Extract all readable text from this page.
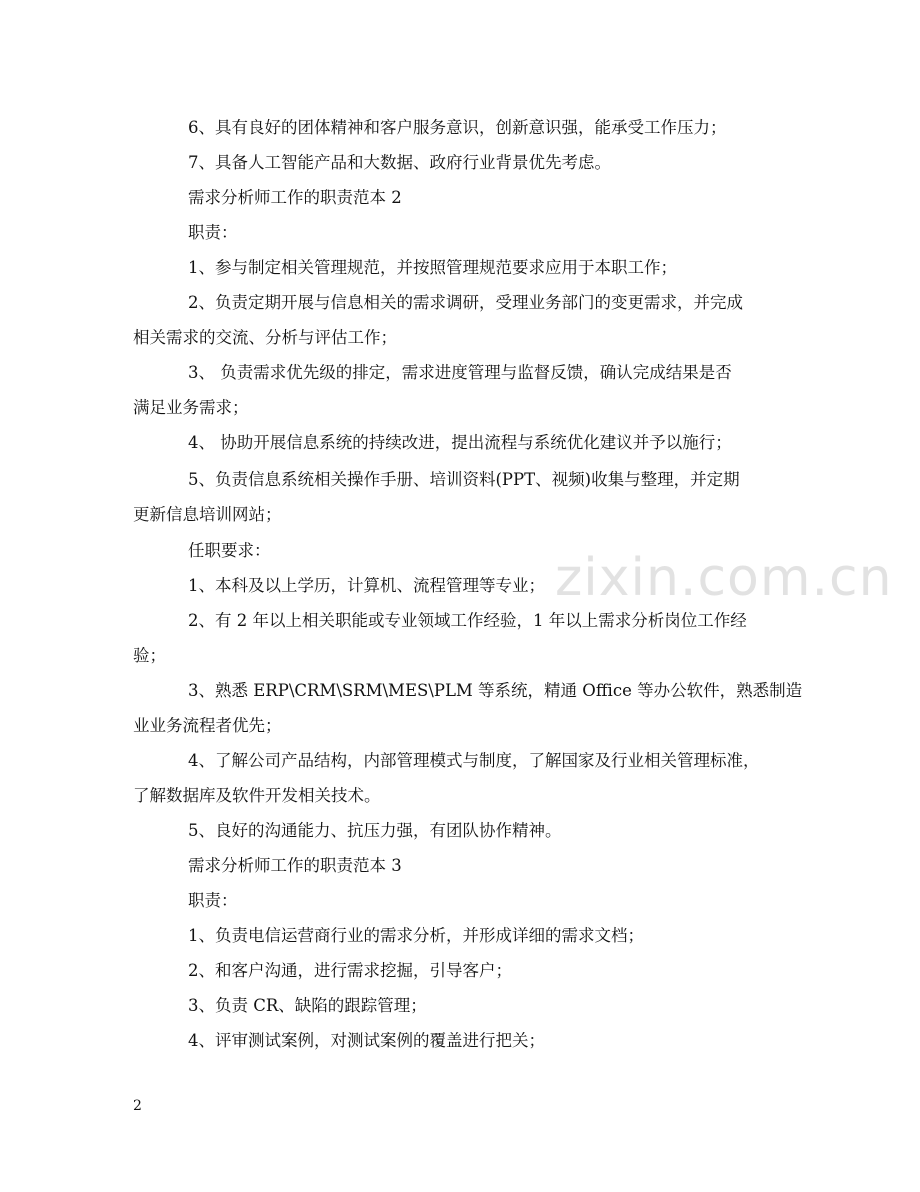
zixin.com.cn
6、具有良好的团体精神和客户服务意识，创新意识强，能承受工作压力；
7、具备人工智能产品和大数据、政府行业背景优先考虑。
需求分析师工作的职责范本 2
职责：
1、参与制定相关管理规范，并按照管理规范要求应用于本职工作；
2、负责定期开展与信息相关的需求调研，受理业务部门的变更需求，并完成
相关需求的交流、分析与评估工作；
3、 负责需求优先级的排定，需求进度管理与监督反馈，确认完成结果是否
满足业务需求；
4、 协助开展信息系统的持续改进，提出流程与系统优化建议并予以施行；
5、负责信息系统相关操作手册、培训资料(PPT、视频)收集与整理，并定期
更新信息培训网站；
任职要求：
1、本科及以上学历，计算机、流程管理等专业；
2、有 2 年以上相关职能或专业领域工作经验，1 年以上需求分析岗位工作经
验；
3、熟悉 ERP\CRM\SRM\MES\PLM 等系统，精通 Office 等办公软件，熟悉制造
业业务流程者优先；
4、了解公司产品结构，内部管理模式与制度，了解国家及行业相关管理标准，
了解数据库及软件开发相关技术。
5、良好的沟通能力、抗压力强，有团队协作精神。
需求分析师工作的职责范本 3
职责：
1、负责电信运营商行业的需求分析，并形成详细的需求文档；
2、和客户沟通，进行需求挖掘，引导客户；
3、负责 CR、缺陷的跟踪管理；
4、评审测试案例，对测试案例的覆盖进行把关；
2
